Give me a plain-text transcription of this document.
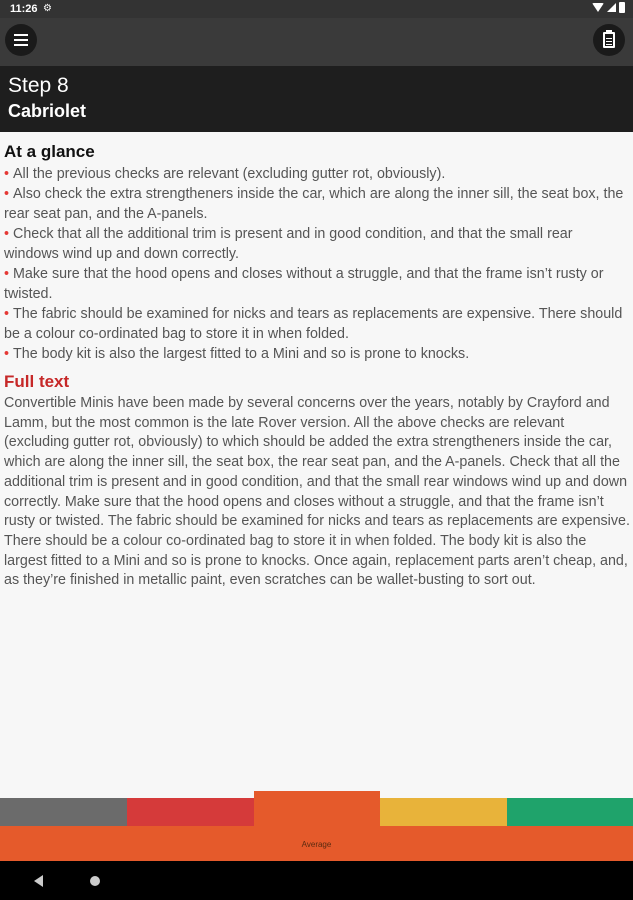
11:26 ⚙
Step 8
Cabriolet
At a glance
• All the previous checks are relevant (excluding gutter rot, obviously).
• Also check the extra strengtheners inside the car, which are along the inner sill, the seat box, the rear seat pan, and the A-panels.
• Check that all the additional trim is present and in good condition, and that the small rear windows wind up and down correctly.
• Make sure that the hood opens and closes without a struggle, and that the frame isn’t rusty or twisted.
• The fabric should be examined for nicks and tears as replacements are expensive. There should be a colour co-ordinated bag to store it in when folded.
• The body kit is also the largest fitted to a Mini and so is prone to knocks.
Full text

Convertible Minis have been made by several concerns over the years, notably by Crayford and Lamm, but the most common is the late Rover version. All the above checks are relevant (excluding gutter rot, obviously) to which should be added the extra strengtheners inside the car, which are along the inner sill, the seat box, the rear seat pan, and the A-panels. Check that all the additional trim is present and in good condition, and that the small rear windows wind up and down correctly. Make sure that the hood opens and closes without a struggle, and that the frame isn’t rusty or twisted. The fabric should be examined for nicks and tears as replacements are expensive. There should be a colour co-ordinated bag to store it in when folded. The body kit is also the largest fitted to a Mini and so is prone to knocks. Once again, replacement parts aren’t cheap, and, as they’re finished in metallic paint, even scratches can be wallet-busting to sort out.

Average
